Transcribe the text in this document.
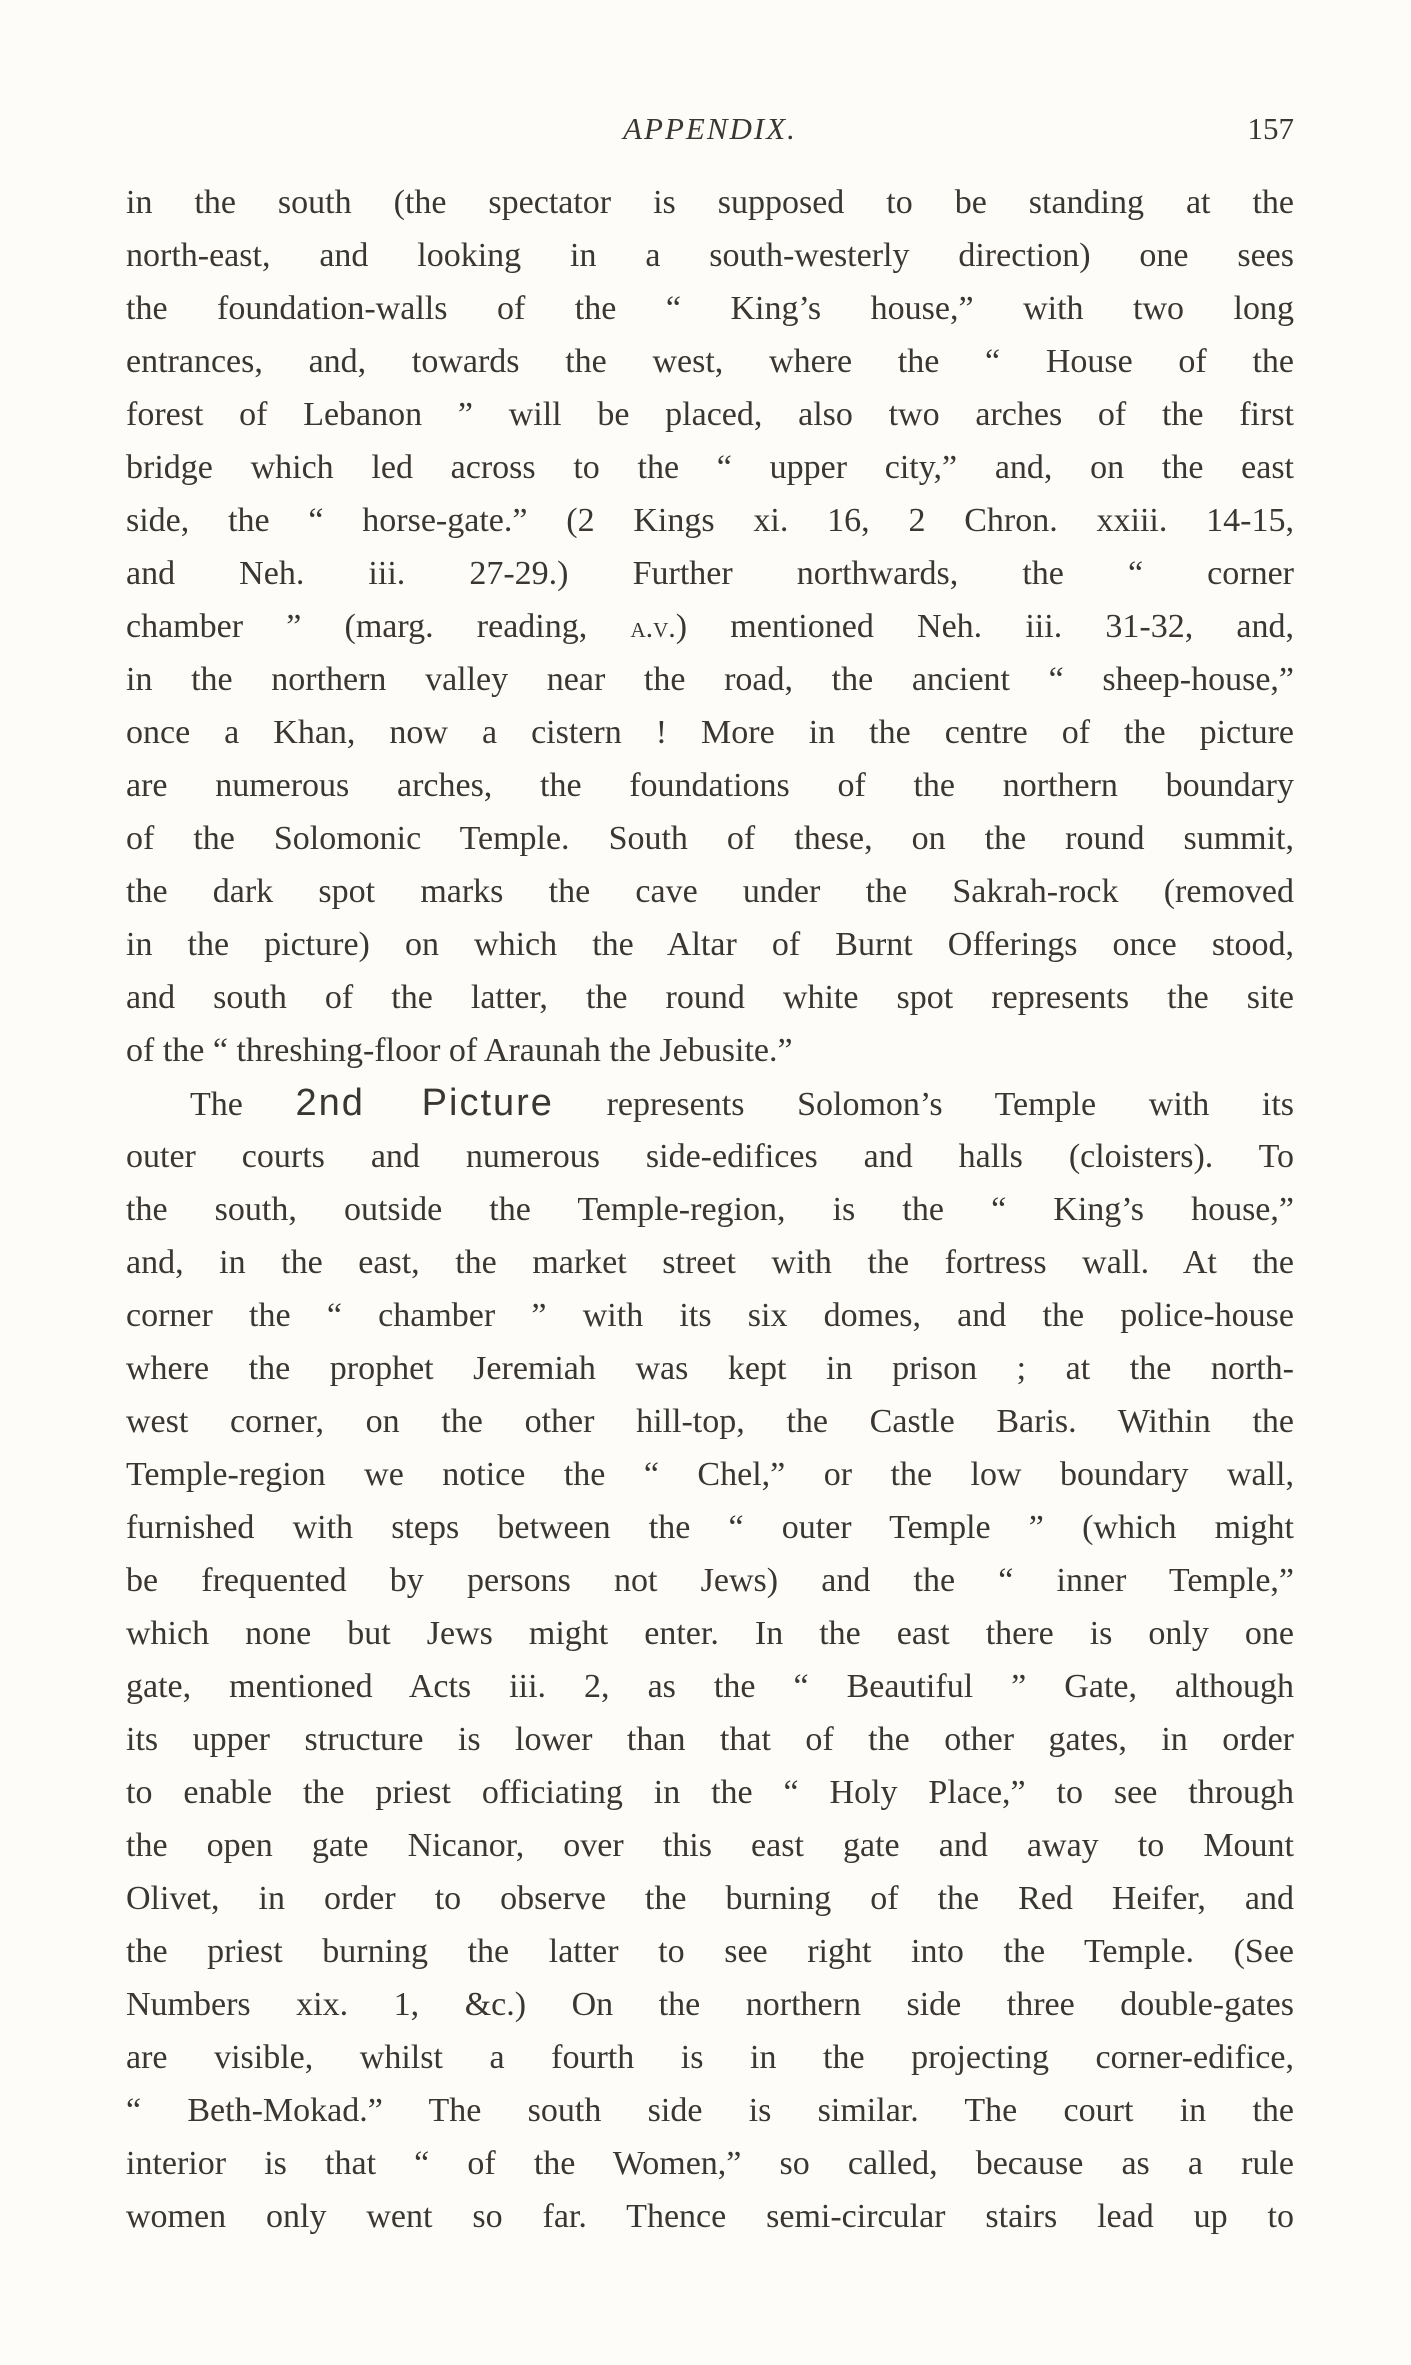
APPENDIX.	157
in the south (the spectator is supposed to be standing at the
north-east, and looking in a south-westerly direction) one sees
the foundation-walls of the “ King’s house,” with two long
entrances, and, towards the west, where the “ House of the
forest of Lebanon ” will be placed, also two arches of the first
bridge which led across to the “ upper city,” and, on the east
side, the “ horse-gate.” (2 Kings xi. 16, 2 Chron. xxiii. 14-15,
and Neh. iii. 27-29.) Further northwards, the “ corner
chamber ” (marg. reading, a.v.) mentioned Neh. iii. 31-32, and,
in the northern valley near the road, the ancient “ sheep-house,”
once a Khan, now a cistern ! More in the centre of the picture
are numerous arches, the foundations of the northern boundary
of the Solomonic Temple. South of these, on the round summit,
the dark spot marks the cave under the Sakrah-rock (removed
in the picture) on which the Altar of Burnt Offerings once stood,
and south of the latter, the round white spot represents the site
of the “ threshing-floor of Araunah the Jebusite.”
The 2nd Picture represents Solomon’s Temple with its
outer courts and numerous side-edifices and halls (cloisters). To
the south, outside the Temple-region, is the “ King’s house,”
and, in the east, the market street with the fortress wall. At the
corner the “ chamber ” with its six domes, and the police-house
where the prophet Jeremiah was kept in prison ; at the north-
west corner, on the other hill-top, the Castle Baris. Within the
Temple-region we notice the “ Chel,” or the low boundary wall,
furnished with steps between the “ outer Temple ” (which might
be frequented by persons not Jews) and the “ inner Temple,”
which none but Jews might enter. In the east there is only one
gate, mentioned Acts iii. 2, as the “ Beautiful ” Gate, although
its upper structure is lower than that of the other gates, in order
to enable the priest officiating in the “ Holy Place,” to see through
the open gate Nicanor, over this east gate and away to Mount
Olivet, in order to observe the burning of the Red Heifer, and
the priest burning the latter to see right into the Temple. (See
Numbers xix. 1, &c.) On the northern side three double-gates
are visible, whilst a fourth is in the projecting corner-edifice,
“ Beth-Mokad.” The south side is similar. The court in the
interior is that “ of the Women,” so called, because as a rule
women only went so far. Thence semi-circular stairs lead up to
